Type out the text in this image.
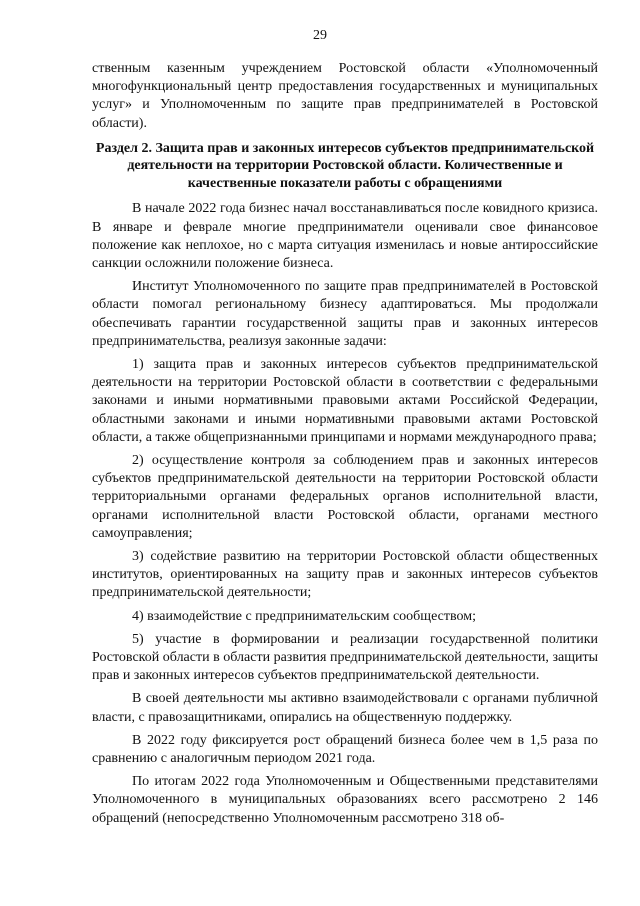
29

ственным казенным учреждением Ростовской области «Уполномоченный многофункциональный центр предоставления государственных и муниципальных услуг» и Уполномоченным по защите прав предпринимателей в Ростовской области).

Раздел 2. Защита прав и законных интересов субъектов предпринимательской деятельности на территории Ростовской области. Количественные и качественные показатели работы с обращениями

В начале 2022 года бизнес начал восстанавливаться после ковидного кризиса. В январе и феврале многие предприниматели оценивали свое финансовое положение как неплохое, но с марта ситуация изменилась и новые антироссийские санкции осложнили положение бизнеса.

Институт Уполномоченного по защите прав предпринимателей в Ростовской области помогал региональному бизнесу адаптироваться. Мы продолжали обеспечивать гарантии государственной защиты прав и законных интересов предпринимательства, реализуя законные задачи:

1) защита прав и законных интересов субъектов предпринимательской деятельности на территории Ростовской области в соответствии с федеральными законами и иными нормативными правовыми актами Российской Федерации, областными законами и иными нормативными правовыми актами Ростовской области, а также общепризнанными принципами и нормами международного права;

2) осуществление контроля за соблюдением прав и законных интересов субъектов предпринимательской деятельности на территории Ростовской области территориальными органами федеральных органов исполнительной власти, органами исполнительной власти Ростовской области, органами местного самоуправления;

3) содействие развитию на территории Ростовской области общественных институтов, ориентированных на защиту прав и законных интересов субъектов предпринимательской деятельности;

4) взаимодействие с предпринимательским сообществом;

5) участие в формировании и реализации государственной политики Ростовской области в области развития предпринимательской деятельности, защиты прав и законных интересов субъектов предпринимательской деятельности.

В своей деятельности мы активно взаимодействовали с органами публичной власти, с правозащитниками, опирались на общественную поддержку.

В 2022 году фиксируется рост обращений бизнеса более чем в 1,5 раза по сравнению с аналогичным периодом 2021 года.

По итогам 2022 года Уполномоченным и Общественными представителями Уполномоченного в муниципальных образованиях всего рассмотрено 2 146 обращений (непосредственно Уполномоченным рассмотрено 318 об-
